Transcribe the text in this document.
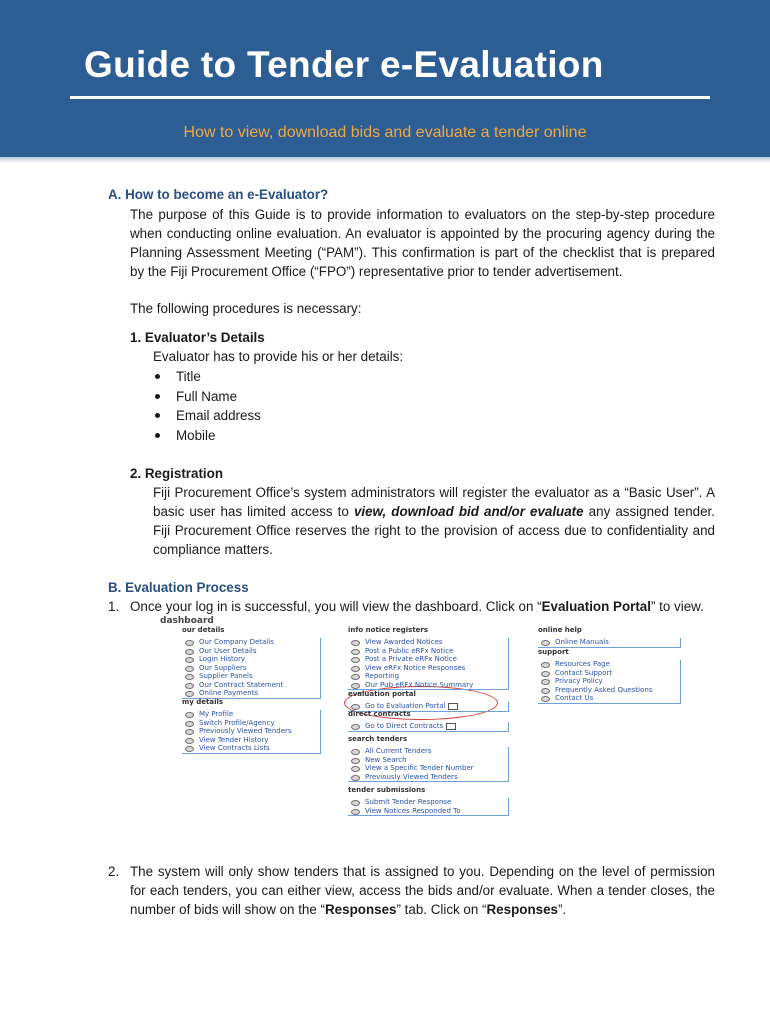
Guide to Tender e-Evaluation
How to view, download bids and evaluate a tender online
A. How to become an e-Evaluator?
The purpose of this Guide is to provide information to evaluators on the step-by-step procedure when conducting online evaluation. An evaluator is appointed by the procuring agency during the Planning Assessment Meeting (“PAM”). This confirmation is part of the checklist that is prepared by the Fiji Procurement Office (“FPO”) representative prior to tender advertisement.
The following procedures is necessary:
1. Evaluator’s Details
Evaluator has to provide his or her details:
Title
Full Name
Email address
Mobile
2. Registration
Fiji Procurement Office’s system administrators will register the evaluator as a “Basic User”. A basic user has limited access to view, download bid and/or evaluate any assigned tender. Fiji Procurement Office reserves the right to the provision of access due to confidentiality and compliance matters.
B. Evaluation Process
1. Once your log in is successful, you will view the dashboard. Click on “Evaluation Portal” to view.
2. The system will only show tenders that is assigned to you. Depending on the level of permission for each tenders, you can either view, access the bids and/or evaluate. When a tender closes, the number of bids will show on the “Responses” tab. Click on “Responses”.
dashboard
our details
Our Company Details
Our User Details
Login History
Our Suppliers
Supplier Panels
Our Contract Statement
Online Payments
my details
My Profile
Switch Profile/Agency
Previously Viewed Tenders
View Tender History
View Contracts Lists
info notice registers
View Awarded Notices
Post a Public eRFx Notice
Post a Private eRFx Notice
View eRFx Notice Responses
Reporting
Our Pub eRFx Notice Summary
evaluation portal
Go to Evaluation Portal
direct contracts
Go to Direct Contracts
search tenders
All Current Tenders
New Search
View a Specific Tender Number
Previously Viewed Tenders
tender submissions
Submit Tender Response
View Notices Responded To
online help
Online Manuals
support
Resources Page
Contact Support
Privacy Policy
Frequently Asked Questions
Contact Us
